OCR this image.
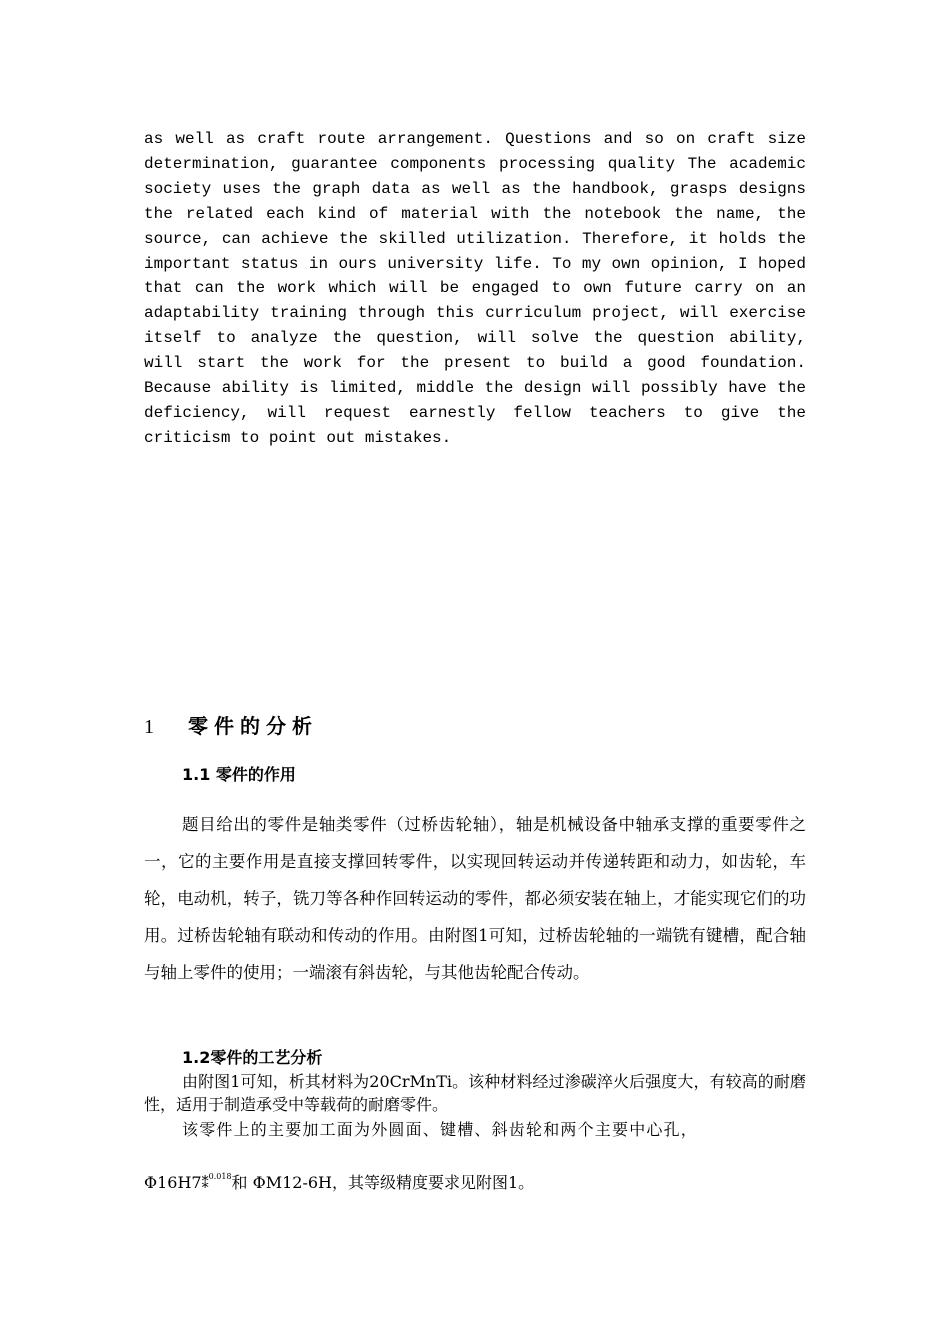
as well as craft route arrangement. Questions and so on craft size determination, guarantee components processing quality The academic society uses the graph data as well as the handbook, grasps designs the related each kind of material with the notebook the name, the source, can achieve the skilled utilization. Therefore, it holds the important status in ours university life. To my own opinion, I hoped that can the work which will be engaged to own future carry on an adaptability training through this curriculum project, will exercise itself to analyze the question, will solve the question ability, will start the work for the present to build a good foundation. Because ability is limited, middle the design will possibly have the deficiency, will request earnestly fellow teachers to give the criticism to point out mistakes.

1 零件的分析
1.1 零件的作用

题目给出的零件是轴类零件（过桥齿轮轴），轴是机械设备中轴承支撑的重要零件之一，它的主要作用是直接支撑回转零件，以实现回转运动并传递转距和动力，如齿轮，车轮，电动机，转子，铣刀等各种作回转运动的零件，都必须安装在轴上，才能实现它们的功用。过桥齿轮轴有联动和传动的作用。由附图1可知，过桥齿轮轴的一端铣有键槽，配合轴与轴上零件的使用；一端滚有斜齿轮，与其他齿轮配合传动。

1.2零件的工艺分析

由附图1可知，析其材料为20CrMnTi。该种材料经过渗碳淬火后强度大，有较高的耐磨性，适用于制造承受中等载荷的耐磨零件。

该零件上的主要加工面为外圆面、键槽、斜齿轮和两个主要中心孔，

Φ16H7⁑0.018和 ΦM12-6H，其等级精度要求见附图1。
